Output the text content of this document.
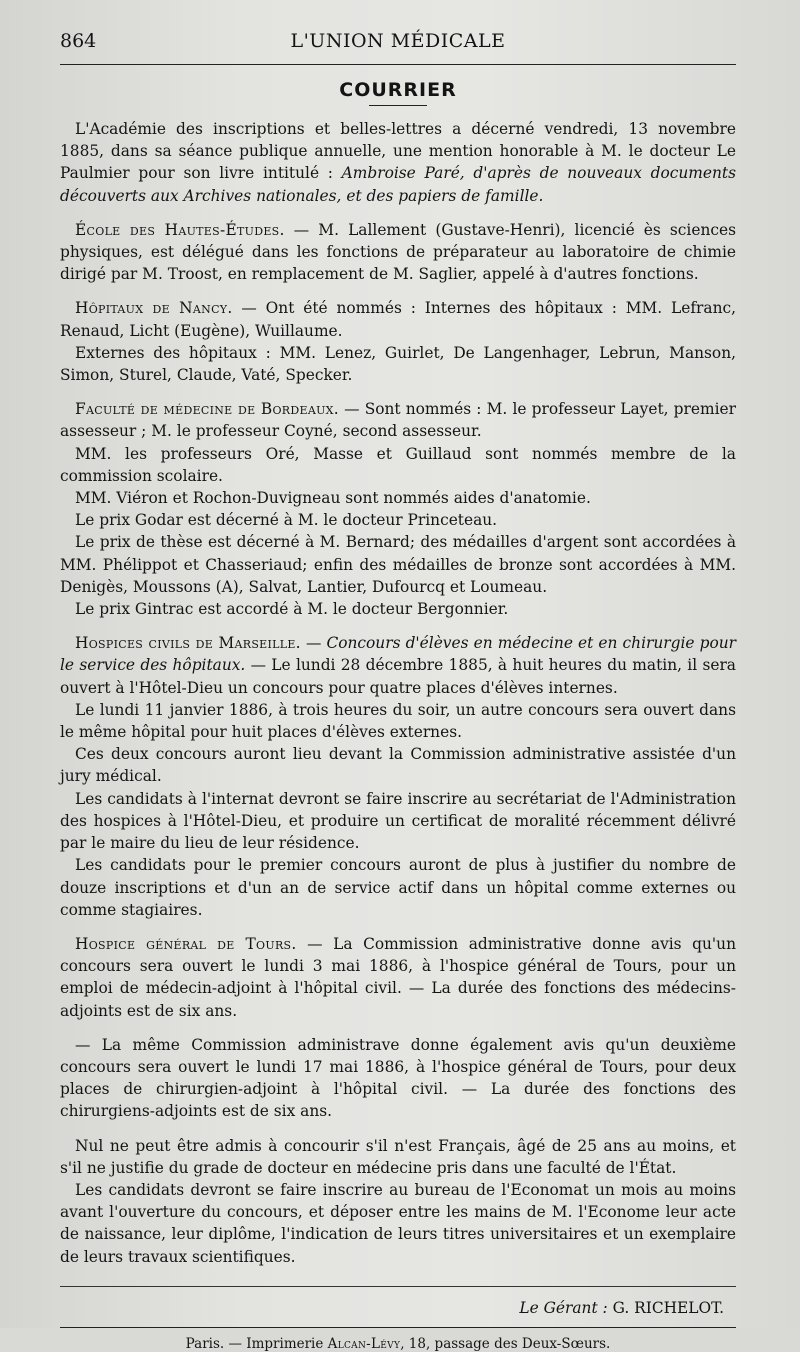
864	L'UNION MÉDICALE
COURRIER

L'Académie des inscriptions et belles-lettres a décerné vendredi, 13 novembre 1885, dans sa séance publique annuelle, une mention honorable à M. le docteur Le Paulmier pour son livre intitulé : Ambroise Paré, d'après de nouveaux documents découverts aux Archives nationales, et des papiers de famille.

École des Hautes-Études. — M. Lallement (Gustave-Henri), licencié ès sciences physiques, est délégué dans les fonctions de préparateur au laboratoire de chimie dirigé par M. Troost, en remplacement de M. Saglier, appelé à d'autres fonctions.

Hôpitaux de Nancy. — Ont été nommés : Internes des hôpitaux : MM. Lefranc, Renaud, Licht (Eugène), Wuillaume.

Externes des hôpitaux : MM. Lenez, Guirlet, De Langenhager, Lebrun, Manson, Simon, Sturel, Claude, Vaté, Specker.

Faculté de médecine de Bordeaux. — Sont nommés : M. le professeur Layet, premier assesseur ; M. le professeur Coyné, second assesseur.

MM. les professeurs Oré, Masse et Guillaud sont nommés membre de la commission scolaire.

MM. Viéron et Rochon-Duvigneau sont nommés aides d'anatomie.

Le prix Godar est décerné à M. le docteur Princeteau.

Le prix de thèse est décerné à M. Bernard; des médailles d'argent sont accordées à MM. Phélippot et Chasseriaud; enfin des médailles de bronze sont accordées à MM. Denigès, Moussons (A), Salvat, Lantier, Dufourcq et Loumeau.

Le prix Gintrac est accordé à M. le docteur Bergonnier.

Hospices civils de Marseille. — Concours d'élèves en médecine et en chirurgie pour le service des hôpitaux. — Le lundi 28 décembre 1885, à huit heures du matin, il sera ouvert à l'Hôtel-Dieu un concours pour quatre places d'élèves internes.

Le lundi 11 janvier 1886, à trois heures du soir, un autre concours sera ouvert dans le même hôpital pour huit places d'élèves externes.

Ces deux concours auront lieu devant la Commission administrative assistée d'un jury médical.

Les candidats à l'internat devront se faire inscrire au secrétariat de l'Administration des hospices à l'Hôtel-Dieu, et produire un certificat de moralité récemment délivré par le maire du lieu de leur résidence.

Les candidats pour le premier concours auront de plus à justifier du nombre de douze inscriptions et d'un an de service actif dans un hôpital comme externes ou comme stagiaires.

Hospice général de Tours. — La Commission administrative donne avis qu'un concours sera ouvert le lundi 3 mai 1886, à l'hospice général de Tours, pour un emploi de médecin-adjoint à l'hôpital civil. — La durée des fonctions des médecins-adjoints est de six ans.

— La même Commission administrave donne également avis qu'un deuxième concours sera ouvert le lundi 17 mai 1886, à l'hospice général de Tours, pour deux places de chirurgien-adjoint à l'hôpital civil. — La durée des fonctions des chirurgiens-adjoints est de six ans.

Nul ne peut être admis à concourir s'il n'est Français, âgé de 25 ans au moins, et s'il ne justifie du grade de docteur en médecine pris dans une faculté de l'État.

Les candidats devront se faire inscrire au bureau de l'Economat un mois au moins avant l'ouverture du concours, et déposer entre les mains de M. l'Econome leur acte de naissance, leur diplôme, l'indication de leurs titres universitaires et un exemplaire de leurs travaux scientifiques.

Le Gérant : G. RICHELOT.
Paris. — Imprimerie Alcan-Lévy, 18, passage des Deux-Sœurs.
